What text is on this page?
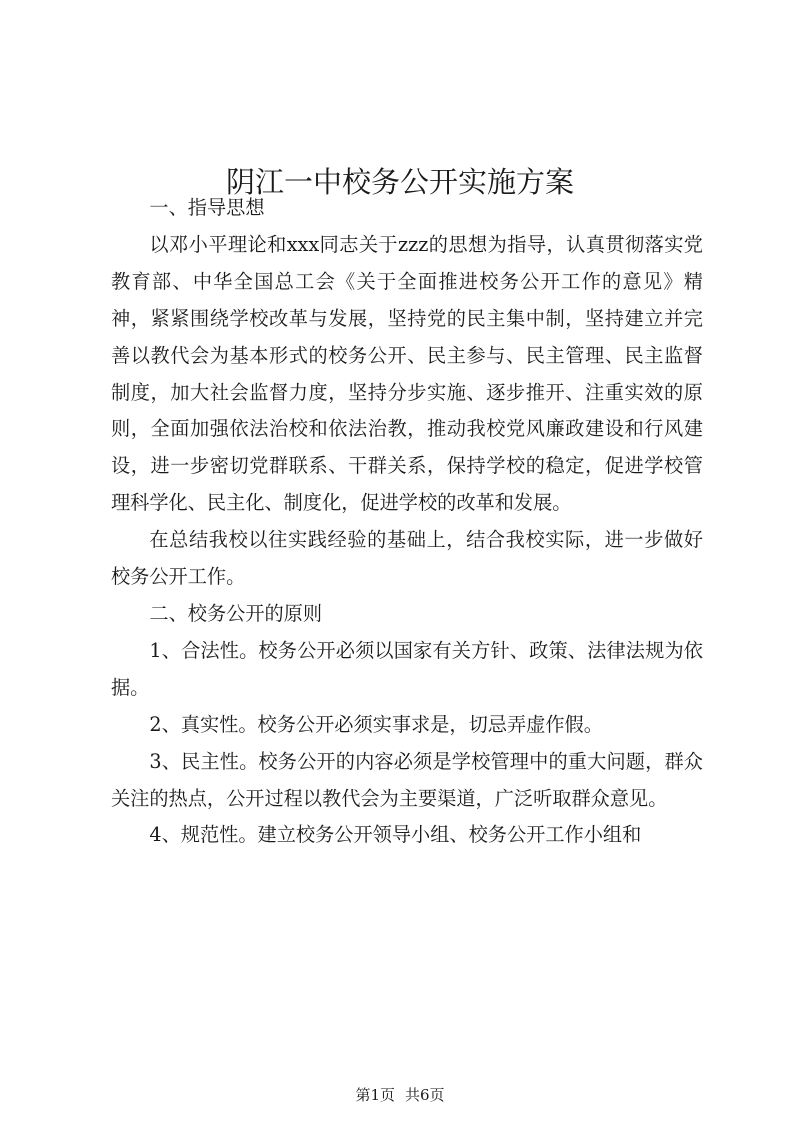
阴江一中校务公开实施方案

一、指导思想

以邓小平理论和xxx同志关于zzz的思想为指导，认真贯彻落实党教育部、中华全国总工会《关于全面推进校务公开工作的意见》精神，紧紧围绕学校改革与发展，坚持党的民主集中制，坚持建立并完善以教代会为基本形式的校务公开、民主参与、民主管理、民主监督制度，加大社会监督力度，坚持分步实施、逐步推开、注重实效的原则，全面加强依法治校和依法治教，推动我校党风廉政建设和行风建设，进一步密切党群联系、干群关系，保持学校的稳定，促进学校管理科学化、民主化、制度化，促进学校的改革和发展。

在总结我校以往实践经验的基础上，结合我校实际，进一步做好校务公开工作。

二、校务公开的原则

1、合法性。校务公开必须以国家有关方针、政策、法律法规为依据。

2、真实性。校务公开必须实事求是，切忌弄虚作假。

3、民主性。校务公开的内容必须是学校管理中的重大问题，群众关注的热点，公开过程以教代会为主要渠道，广泛听取群众意见。

4、规范性。建立校务公开领导小组、校务公开工作小组和

第1页 共6页
